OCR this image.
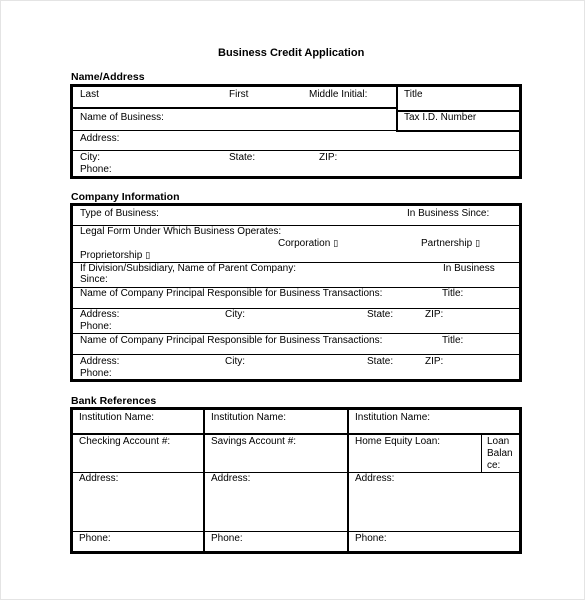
Business Credit Application
Name/Address
Last	First	Middle Initial:	Title
Name of Business:	Tax I.D. Number
Address:
City:	State:	ZIP:
Phone:
Company Information
Type of Business:	In Business Since:
Legal Form Under Which Business Operates:
Corporation ▯	Partnership ▯
Proprietorship ▯
If Division/Subsidiary, Name of Parent Company:	In Business
Since:
Name of Company Principal Responsible for Business Transactions:	Title:
Address:	City:	State:	ZIP:
Phone:
Name of Company Principal Responsible for Business Transactions:	Title:
Address:	City:	State:	ZIP:
Phone:
Bank References
Institution Name:	Institution Name:	Institution Name:
Checking Account #:	Savings Account #:	Home Equity Loan:	Loan
Balan
ce:
Address:	Address:	Address:
Phone:	Phone:	Phone:
